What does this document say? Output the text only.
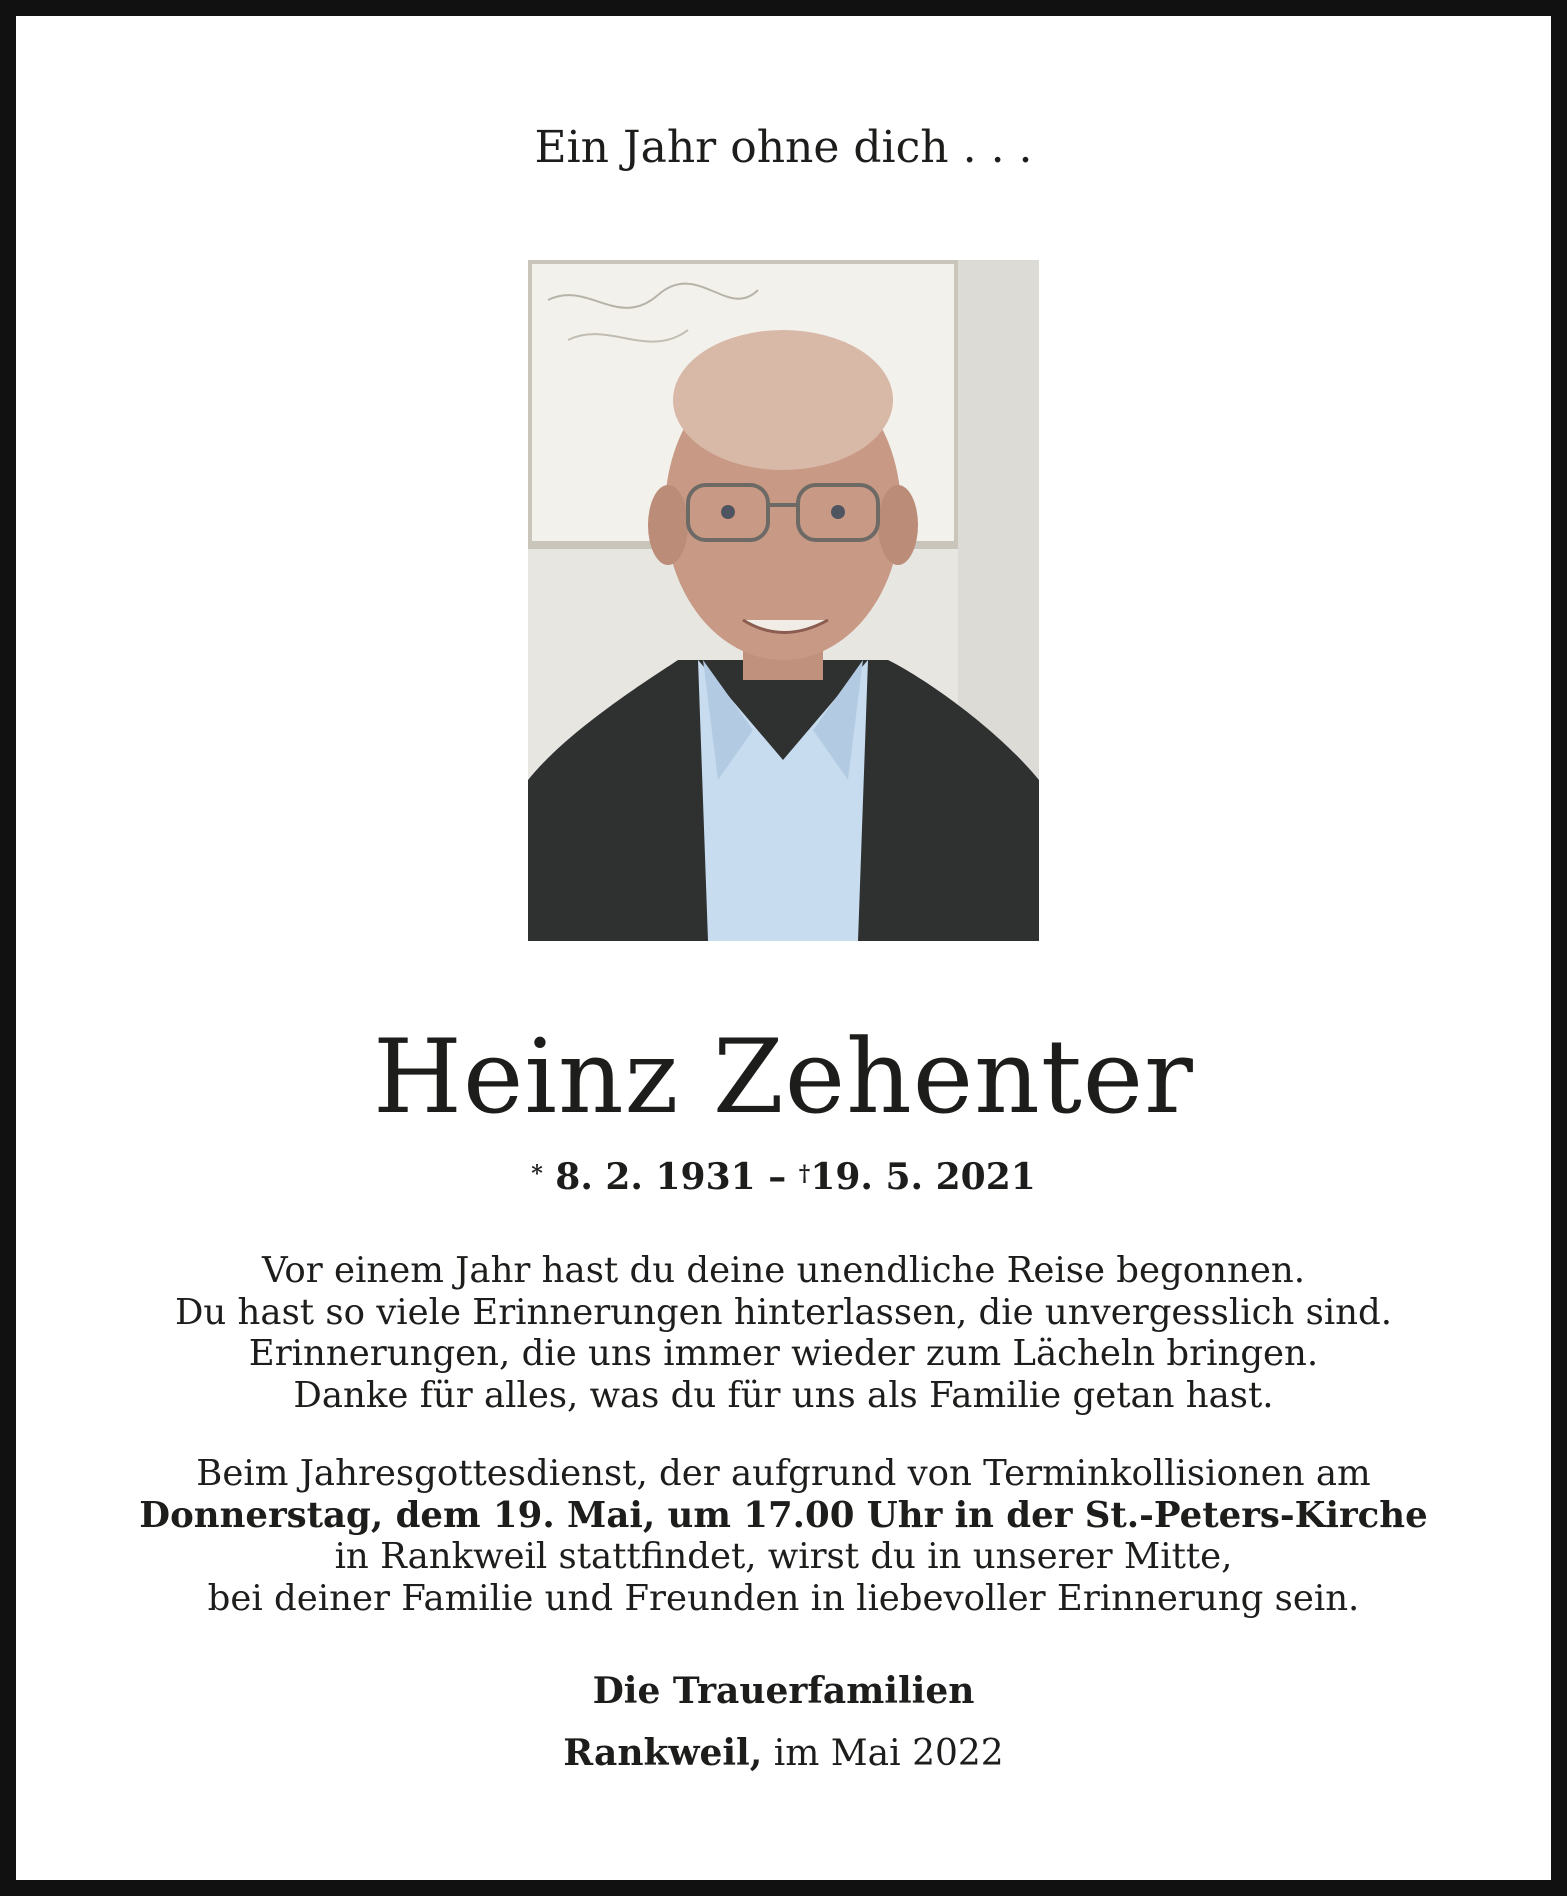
Ein Jahr ohne dich . . .
Heinz Zehenter
* 8. 2. 1931 – †19. 5. 2021
Vor einem Jahr hast du deine unendliche Reise begonnen.
Du hast so viele Erinnerungen hinterlassen, die unvergesslich sind.
Erinnerungen, die uns immer wieder zum Lächeln bringen.
Danke für alles, was du für uns als Familie getan hast.
Beim Jahresgottesdienst, der aufgrund von Terminkollisionen am
Donnerstag, dem 19. Mai, um 17.00 Uhr in der St.-Peters-Kirche
in Rankweil stattfindet, wirst du in unserer Mitte,
bei deiner Familie und Freunden in liebevoller Erinnerung sein.
Die Trauerfamilien
Rankweil, im Mai 2022
